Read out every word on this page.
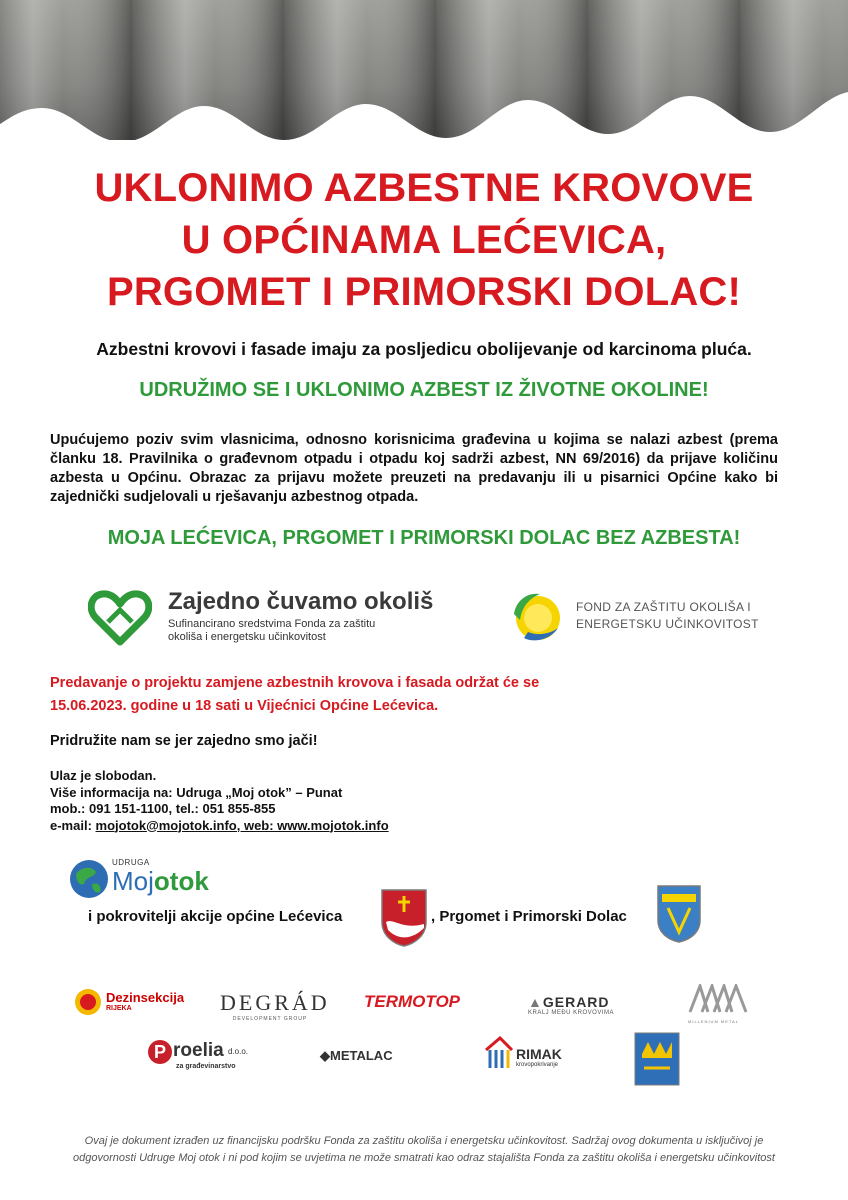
UKLONIMO AZBESTNE KROVOVE
U OPĆINAMA LEĆEVICA,
PRGOMET I PRIMORSKI DOLAC!
Azbestni krovovi i fasade imaju za posljedicu obolijevanje od karcinoma pluća.
UDRUŽIMO SE I UKLONIMO AZBEST IZ ŽIVOTNE OKOLINE!
Upućujemo poziv svim vlasnicima, odnosno korisnicima građevina u kojima se nalazi azbest (prema članku 18. Pravilnika o građevnom otpadu i otpadu koj sadrži azbest, NN 69/2016) da prijave količinu azbesta u Općinu. Obrazac za prijavu možete preuzeti na predavanju ili u pisarnici Općine kako bi zajednički sudjelovali u rješavanju azbestnog otpada.
MOJA LEĆEVICA, PRGOMET I PRIMORSKI DOLAC BEZ AZBESTA!
Zajedno čuvamo okoliš
Sufinancirano sredstvima Fonda za zaštitu
okoliša i energetsku učinkovitost
FOND ZA ZAŠTITU OKOLIŠA I
ENERGETSKU UČINKOVITOST
Predavanje o projektu zamjene azbestnih krovova i fasada održat će se
15.06.2023. godine u 18 sati u Vijećnici Općine Lećevica.
Pridružite nam se jer zajedno smo jači!
Ulaz je slobodan.
Više informacija na: Udruga „Moj otok” – Punat
mob.: 091 151-1100, tel.: 051 855-855
e-mail: mojotok@mojotok.info, web: www.mojotok.info
UDRUGA
Mojotok
i pokrovitelji akcije općine Lećevica	, Prgomet i Primorski Dolac
Dezinsekcija
RIJEKA	DEGRÁD
DEVELOPMENT GROUP
TERMOTOP	▲GERARD
KRALJ MEĐU KROVOVIMA
MILLENIUM METAL
P roelia d.o.o.
za građevinarstvo
◆METALAC	RIMAK
krovopokrivanje
Ovaj je dokument izrađen uz financijsku podršku Fonda za zaštitu okoliša i energetsku učinkovitost. Sadržaj ovog dokumenta u isključivoj je
odgovornosti Udruge Moj otok i ni pod kojim se uvjetima ne može smatrati kao odraz stajališta Fonda za zaštitu okoliša i energetsku učinkovitost
